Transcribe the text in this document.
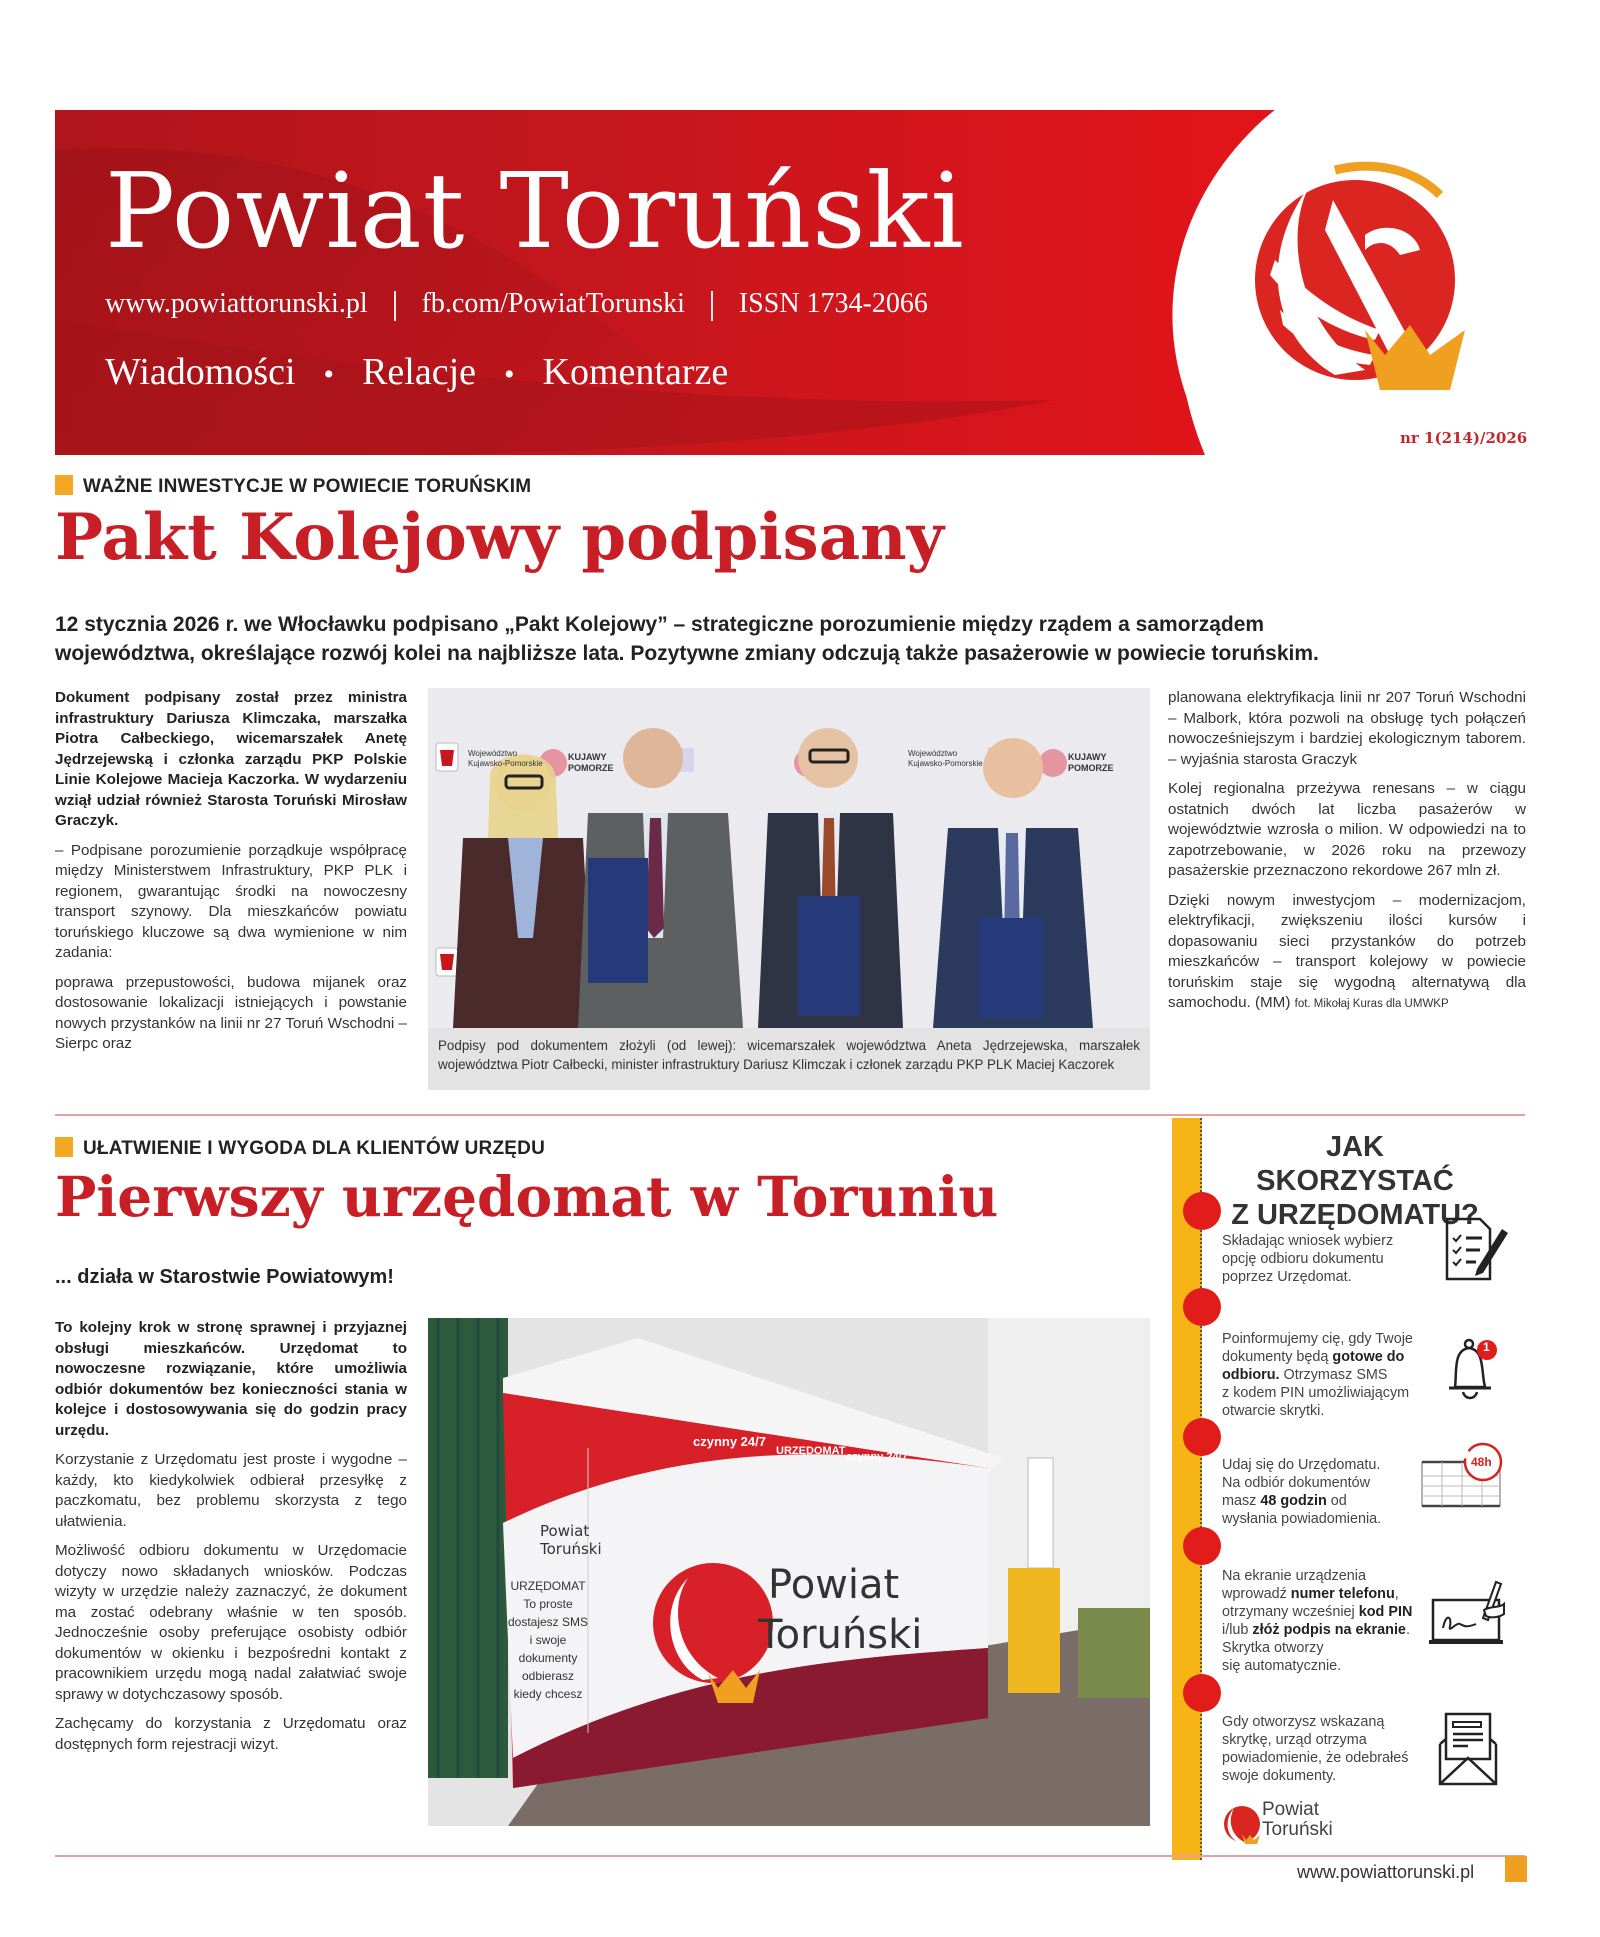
Powiat Toruński
www.powiattorunski.pl fb.com/PowiatTorunski ISSN 1734-2066
Wiadomości • Relacje • Komentarze
nr 1(214)/2026
WAŻNE INWESTYCJE W POWIECIE TORUŃSKIM
Pakt Kolejowy podpisany
12 stycznia 2026 r. we Włocławku podpisano „Pakt Kolejowy” – strategiczne porozumienie między rządem a samorządem
województwa, określające rozwój kolei na najbliższe lata. Pozytywne zmiany odczują także pasażerowie w powiecie toruńskim.

Dokument podpisany został przez ministra infrastruktury Dariusza Klimczaka, marszałka Piotra Całbeckiego, wicemarszałek Anetę Jędrzejewską i członka zarządu PKP Polskie Linie Kolejowe Macieja Kaczorka. W wydarzeniu wziął udział również Starosta Toruński Mirosław Graczyk.

– Podpisane porozumienie porządkuje współpracę między Ministerstwem Infrastruktury, PKP PLK i regionem, gwarantując środki na nowoczesny transport szynowy. Dla mieszkańców powiatu toruńskiego kluczowe są dwa wymienione w nim zadania:

poprawa przepustowości, budowa mijanek oraz dostosowanie lokalizacji istniejących i powstanie nowych przystanków na linii nr 27 Toruń Wschodni – Sierpc oraz

Województwo
Kujawsko-Pomorskie
KUJAWY
POMORZE
Województwo
Kujawsko-Pomorskie
KUJAWY
POMORZE
Podpisy pod dokumentem złożyli (od lewej): wicemarszałek województwa Aneta Jędrzejewska, marszałek województwa Piotr Całbecki, minister infrastruktury Dariusz Klimczak i członek zarządu PKP PLK Maciej Kaczorek

planowana elektryfikacja linii nr 207 Toruń Wschodni – Malbork, która pozwoli na obsługę tych połączeń nowocześniejszym i bardziej ekologicznym taborem. – wyjaśnia starosta Graczyk

Kolej regionalna przeżywa renesans – w ciągu ostatnich dwóch lat liczba pasażerów w województwie wzrosła o milion. W odpowiedzi na to zapotrzebowanie, w 2026 roku na przewozy pasażerskie przeznaczono rekordowe 267 mln zł.

Dzięki nowym inwestycjom – modernizacjom, elektryfikacji, zwiększeniu ilości kursów i dopasowaniu sieci przystanków do potrzeb mieszkańców – transport kolejowy w powiecie toruńskim staje się wygodną alternatywą dla samochodu. (MM) fot. Mikołaj Kuras dla UMWKP

UŁATWIENIE I WYGODA DLA KLIENTÓW URZĘDU
Pierwszy urzędomat w Toruniu
... działa w Starostwie Powiatowym!

To kolejny krok w stronę sprawnej i przyjaznej obsługi mieszkańców. Urzędomat to nowoczesne rozwiązanie, które umożliwia odbiór dokumentów bez konieczności stania w kolejce i dostosowywania się do godzin pracy urzędu.

Korzystanie z Urzędomatu jest proste i wygodne – każdy, kto kiedykolwiek odbierał przesyłkę z paczkomatu, bez problemu skorzysta z tego ułatwienia.

Możliwość odbioru dokumentu w Urzędomacie dotyczy nowo składanych wniosków. Podczas wizyty w urzędzie należy zaznaczyć, że dokument ma zostać odebrany właśnie w ten sposób. Jednocześnie osoby preferujące osobisty odbiór dokumentów w okienku i bezpośredni kontakt z pracownikiem urzędu mogą nadal załatwiać swoje sprawy w dotychczasowy sposób.

Zachęcamy do korzystania z Urzędomatu oraz dostępnych form rejestracji wizyt.

Powiat
Toruński
czynny 24/7
URZĘDOMAT czynny 24/7
Powiat
Toruński
URZĘDOMAT
To proste
dostajesz SMS
i swoje
dokumenty
odbierasz
kiedy chcesz
JAK SKORZYSTAĆ
Z URZĘDOMATU?
Składając wniosek wybierz
opcję odbioru dokumentu
poprzez Urzędomat.
Poinformujemy cię, gdy Twoje
dokumenty będą gotowe do
odbioru. Otrzymasz SMS
z kodem PIN umożliwiającym
otwarcie skrytki.
1
Udaj się do Urzędomatu.
Na odbiór dokumentów
masz 48 godzin od
wysłania powiadomienia.
48h
Na ekranie urządzenia
wprowadź numer telefonu,
otrzymany wcześniej kod PIN
i/lub złóż podpis na ekranie.
Skrytka otworzy
się automatycznie.
Gdy otworzysz wskazaną
skrytkę, urząd otrzyma
powiadomienie, że odebrałeś
swoje dokumenty.
Powiat
Toruński
www.powiattorunski.pl
